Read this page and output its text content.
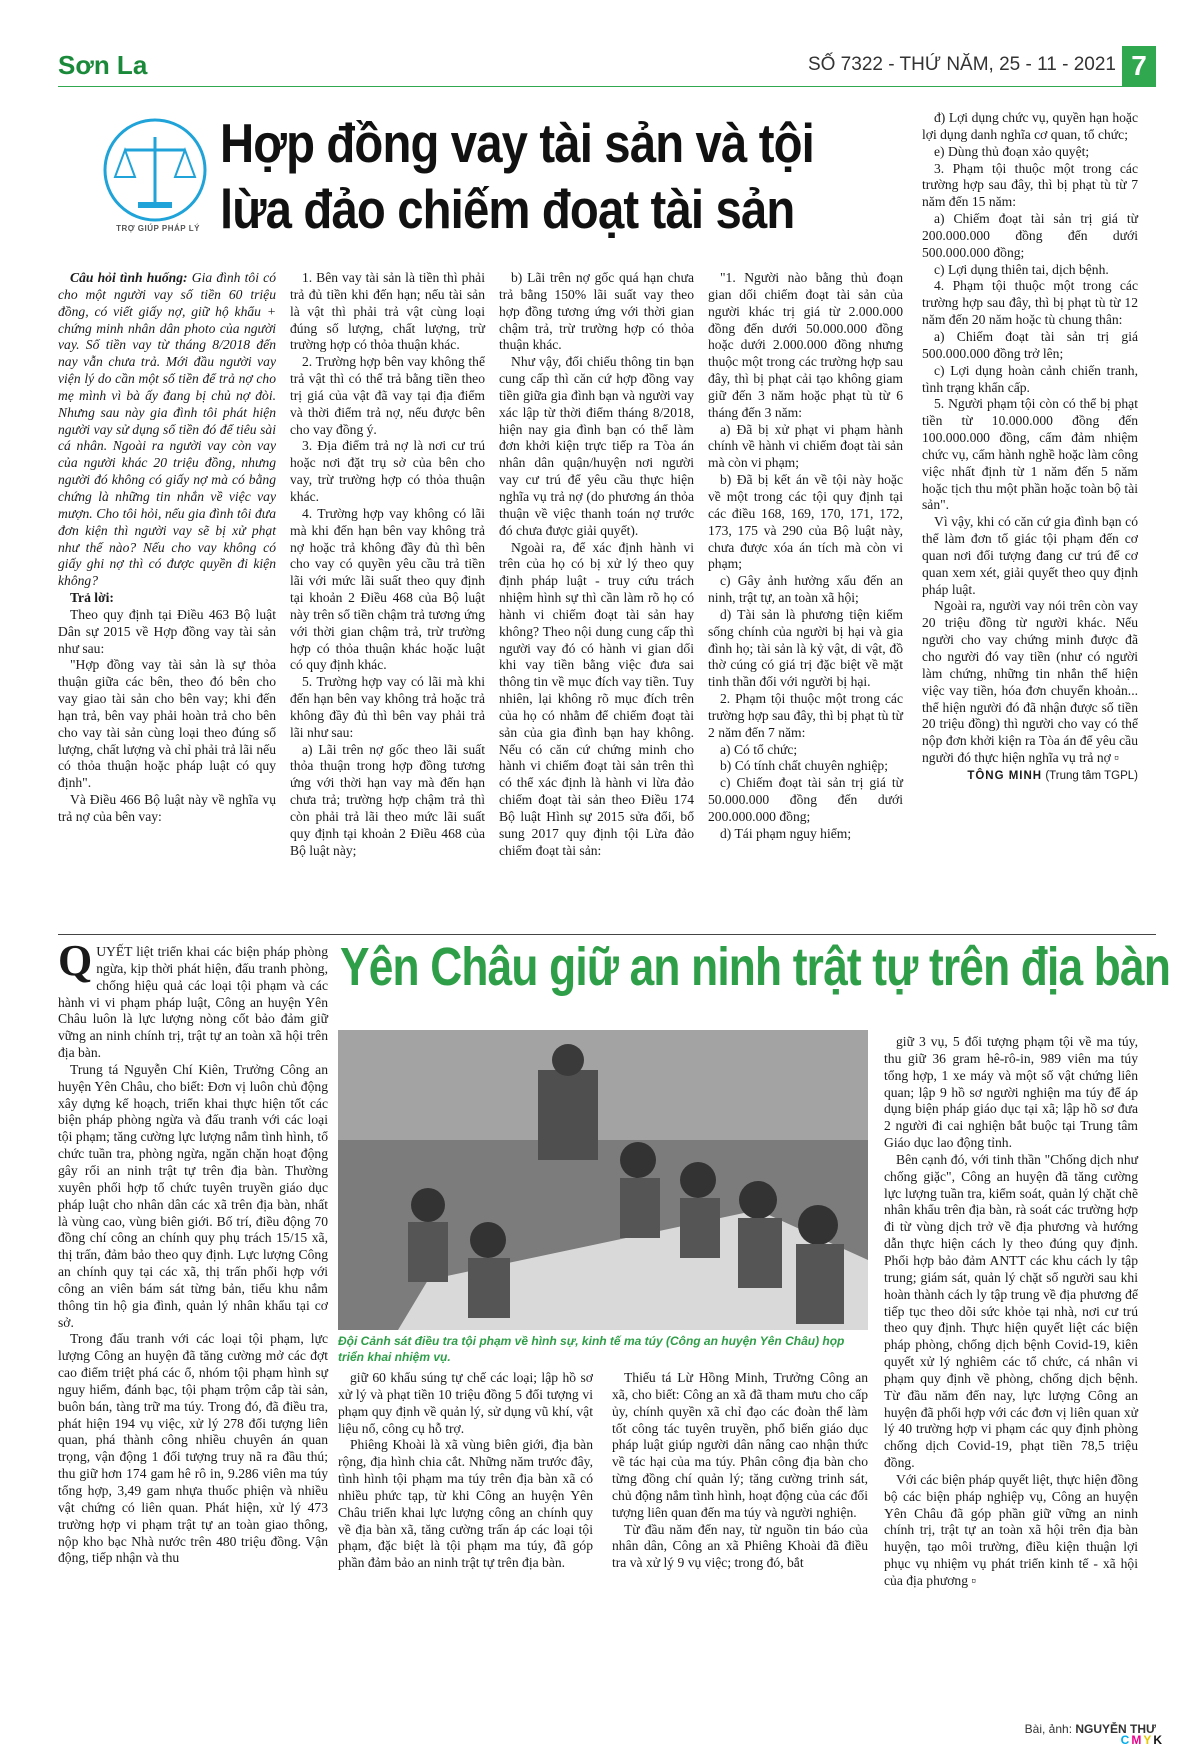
Sơn La	SỐ 7322 - THỨ NĂM, 25 - 11 - 2021 7
TRỢ GIÚP PHÁP LÝ
Hợp đồng vay tài sản và tội lừa đảo chiếm đoạt tài sản

Câu hỏi tình huống: Gia đình tôi có cho một người vay số tiền 60 triệu đồng, có viết giấy nợ, giữ hộ khẩu + chứng minh nhân dân photo của người vay. Số tiền vay từ tháng 8/2018 đến nay vẫn chưa trả. Mới đầu người vay viện lý do cần một số tiền để trả nợ cho mẹ mình vì bà ấy đang bị chủ nợ đòi. Nhưng sau này gia đình tôi phát hiện người vay sử dụng số tiền đó để tiêu sài cá nhân. Ngoài ra người vay còn vay của người khác 20 triệu đồng, nhưng người đó không có giấy nợ mà có bằng chứng là những tin nhắn về việc vay mượn. Cho tôi hỏi, nếu gia đình tôi đưa đơn kiện thì người vay sẽ bị xử phạt như thế nào? Nếu cho vay không có giấy ghi nợ thì có được quyền đi kiện không?

Trả lời:

Theo quy định tại Điều 463 Bộ luật Dân sự 2015 về Hợp đồng vay tài sản như sau:

"Hợp đồng vay tài sản là sự thỏa thuận giữa các bên, theo đó bên cho vay giao tài sản cho bên vay; khi đến hạn trả, bên vay phải hoàn trả cho bên cho vay tài sản cùng loại theo đúng số lượng, chất lượng và chỉ phải trả lãi nếu có thỏa thuận hoặc pháp luật có quy định".

Và Điều 466 Bộ luật này về nghĩa vụ trả nợ của bên vay:

1. Bên vay tài sản là tiền thì phải trả đủ tiền khi đến hạn; nếu tài sản là vật thì phải trả vật cùng loại đúng số lượng, chất lượng, trừ trường hợp có thỏa thuận khác.

2. Trường hợp bên vay không thể trả vật thì có thể trả bằng tiền theo trị giá của vật đã vay tại địa điểm và thời điểm trả nợ, nếu được bên cho vay đồng ý.

3. Địa điểm trả nợ là nơi cư trú hoặc nơi đặt trụ sở của bên cho vay, trừ trường hợp có thỏa thuận khác.

4. Trường hợp vay không có lãi mà khi đến hạn bên vay không trả nợ hoặc trả không đầy đủ thì bên cho vay có quyền yêu cầu trả tiền lãi với mức lãi suất theo quy định tại khoản 2 Điều 468 của Bộ luật này trên số tiền chậm trả tương ứng với thời gian chậm trả, trừ trường hợp có thỏa thuận khác hoặc luật có quy định khác.

5. Trường hợp vay có lãi mà khi đến hạn bên vay không trả hoặc trả không đầy đủ thì bên vay phải trả lãi như sau:

a) Lãi trên nợ gốc theo lãi suất thỏa thuận trong hợp đồng tương ứng với thời hạn vay mà đến hạn chưa trả; trường hợp chậm trả thì còn phải trả lãi theo mức lãi suất quy định tại khoản 2 Điều 468 của Bộ luật này;

b) Lãi trên nợ gốc quá hạn chưa trả bằng 150% lãi suất vay theo hợp đồng tương ứng với thời gian chậm trả, trừ trường hợp có thỏa thuận khác.

Như vậy, đối chiếu thông tin bạn cung cấp thì căn cứ hợp đồng vay tiền giữa gia đình bạn và người vay xác lập từ thời điểm tháng 8/2018, hiện nay gia đình bạn có thể làm đơn khởi kiện trực tiếp ra Tòa án nhân dân quận/huyện nơi người vay cư trú để yêu cầu thực hiện nghĩa vụ trả nợ (do phương án thỏa thuận về việc thanh toán nợ trước đó chưa được giải quyết).

Ngoài ra, để xác định hành vi trên của họ có bị xử lý theo quy định pháp luật - truy cứu trách nhiệm hình sự thì cần làm rõ họ có hành vi chiếm đoạt tài sản hay không? Theo nội dung cung cấp thì người vay đó có hành vi gian dối khi vay tiền bằng việc đưa sai thông tin về mục đích vay tiền. Tuy nhiên, lại không rõ mục đích trên của họ có nhằm để chiếm đoạt tài sản của gia đình bạn hay không. Nếu có căn cứ chứng minh cho hành vi chiếm đoạt tài sản trên thì có thể xác định là hành vi lừa đảo chiếm đoạt tài sản theo Điều 174 Bộ luật Hình sự 2015 sửa đổi, bổ sung 2017 quy định tội Lừa đảo chiếm đoạt tài sản:

"1. Người nào bằng thủ đoạn gian dối chiếm đoạt tài sản của người khác trị giá từ 2.000.000 đồng đến dưới 50.000.000 đồng hoặc dưới 2.000.000 đồng nhưng thuộc một trong các trường hợp sau đây, thì bị phạt cải tạo không giam giữ đến 3 năm hoặc phạt tù từ 6 tháng đến 3 năm:

a) Đã bị xử phạt vi phạm hành chính về hành vi chiếm đoạt tài sản mà còn vi phạm;

b) Đã bị kết án về tội này hoặc về một trong các tội quy định tại các điều 168, 169, 170, 171, 172, 173, 175 và 290 của Bộ luật này, chưa được xóa án tích mà còn vi phạm;

c) Gây ảnh hưởng xấu đến an ninh, trật tự, an toàn xã hội;

d) Tài sản là phương tiện kiếm sống chính của người bị hại và gia đình họ; tài sản là kỷ vật, di vật, đồ thờ cúng có giá trị đặc biệt về mặt tinh thần đối với người bị hại.

2. Phạm tội thuộc một trong các trường hợp sau đây, thì bị phạt tù từ 2 năm đến 7 năm:

a) Có tổ chức;

b) Có tính chất chuyên nghiệp;

c) Chiếm đoạt tài sản trị giá từ 50.000.000 đồng đến dưới 200.000.000 đồng;

d) Tái phạm nguy hiểm;

đ) Lợi dụng chức vụ, quyền hạn hoặc lợi dụng danh nghĩa cơ quan, tổ chức;

e) Dùng thủ đoạn xảo quyệt;

3. Phạm tội thuộc một trong các trường hợp sau đây, thì bị phạt tù từ 7 năm đến 15 năm:

a) Chiếm đoạt tài sản trị giá từ 200.000.000 đồng đến dưới 500.000.000 đồng;

c) Lợi dụng thiên tai, dịch bệnh.

4. Phạm tội thuộc một trong các trường hợp sau đây, thì bị phạt tù từ 12 năm đến 20 năm hoặc tù chung thân:

a) Chiếm đoạt tài sản trị giá 500.000.000 đồng trở lên;

c) Lợi dụng hoàn cảnh chiến tranh, tình trạng khẩn cấp.

5. Người phạm tội còn có thể bị phạt tiền từ 10.000.000 đồng đến 100.000.000 đồng, cấm đảm nhiệm chức vụ, cấm hành nghề hoặc làm công việc nhất định từ 1 năm đến 5 năm hoặc tịch thu một phần hoặc toàn bộ tài sản".

Vì vậy, khi có căn cứ gia đình bạn có thể làm đơn tố giác tội phạm đến cơ quan nơi đối tượng đang cư trú để cơ quan xem xét, giải quyết theo quy định pháp luật.

Ngoài ra, người vay nói trên còn vay 20 triệu đồng từ người khác. Nếu người cho vay chứng minh được đã cho người đó vay tiền (như có người làm chứng, những tin nhắn thể hiện việc vay tiền, hóa đơn chuyển khoản... thể hiện người đó đã nhận được số tiền 20 triệu đồng) thì người cho vay có thể nộp đơn khởi kiện ra Tòa án để yêu cầu người đó thực hiện nghĩa vụ trả nợ ▫

TÔNG MINH (Trung tâm TGPL)
Yên Châu giữ an ninh trật tự trên địa bàn

QUYẾT liệt triển khai các biện pháp phòng ngừa, kịp thời phát hiện, đấu tranh phòng, chống hiệu quả các loại tội phạm và các hành vi vi phạm pháp luật, Công an huyện Yên Châu luôn là lực lượng nòng cốt bảo đảm giữ vững an ninh chính trị, trật tự an toàn xã hội trên địa bàn.

Trung tá Nguyễn Chí Kiên, Trưởng Công an huyện Yên Châu, cho biết: Đơn vị luôn chủ động xây dựng kế hoạch, triển khai thực hiện tốt các biện pháp phòng ngừa và đấu tranh với các loại tội phạm; tăng cường lực lượng nắm tình hình, tổ chức tuần tra, phòng ngừa, ngăn chặn hoạt động gây rối an ninh trật tự trên địa bàn. Thường xuyên phối hợp tổ chức tuyên truyền giáo dục pháp luật cho nhân dân các xã trên địa bàn, nhất là vùng cao, vùng biên giới. Bố trí, điều động 70 đồng chí công an chính quy phụ trách 15/15 xã, thị trấn, đảm bảo theo quy định. Lực lượng Công an chính quy tại các xã, thị trấn phối hợp với công an viên bám sát từng bản, tiểu khu nắm thông tin hộ gia đình, quản lý nhân khẩu tại cơ sở.

Trong đấu tranh với các loại tội phạm, lực lượng Công an huyện đã tăng cường mở các đợt cao điểm triệt phá các ổ, nhóm tội phạm hình sự nguy hiểm, đánh bạc, tội phạm trộm cắp tài sản, buôn bán, tàng trữ ma túy. Trong đó, đã điều tra, phát hiện 194 vụ việc, xử lý 278 đối tượng liên quan, phá thành công nhiều chuyên án quan trọng, vận động 1 đối tượng truy nã ra đầu thú; thu giữ hơn 174 gam hê rô in, 9.286 viên ma túy tổng hợp, 3,49 gam nhựa thuốc phiện và nhiều vật chứng có liên quan. Phát hiện, xử lý 473 trường hợp vi phạm trật tự an toàn giao thông, nộp kho bạc Nhà nước trên 480 triệu đồng. Vận động, tiếp nhận và thu

Đội Cảnh sát điều tra tội phạm về hình sự, kinh tế ma túy (Công an huyện Yên Châu) họp triển khai nhiệm vụ.

giữ 60 khẩu súng tự chế các loại; lập hồ sơ xử lý và phạt tiền 10 triệu đồng 5 đối tượng vi phạm quy định về quản lý, sử dụng vũ khí, vật liệu nổ, công cụ hỗ trợ.

Phiêng Khoài là xã vùng biên giới, địa bàn rộng, địa hình chia cắt. Những năm trước đây, tình hình tội phạm ma túy trên địa bàn xã có nhiều phức tạp, từ khi Công an huyện Yên Châu triển khai lực lượng công an chính quy về địa bàn xã, tăng cường trấn áp các loại tội phạm, đặc biệt là tội phạm ma túy, đã góp phần đảm bảo an ninh trật tự trên địa bàn.

Thiếu tá Lừ Hồng Minh, Trưởng Công an xã, cho biết: Công an xã đã tham mưu cho cấp ủy, chính quyền xã chỉ đạo các đoàn thể làm tốt công tác tuyên truyền, phổ biến giáo dục pháp luật giúp người dân nâng cao nhận thức về tác hại của ma túy. Phân công địa bàn cho từng đồng chí quản lý; tăng cường trinh sát, chủ động nắm tình hình, hoạt động của các đối tượng liên quan đến ma túy và người nghiện.

Từ đầu năm đến nay, từ nguồn tin báo của nhân dân, Công an xã Phiêng Khoài đã điều tra và xử lý 9 vụ việc; trong đó, bắt

giữ 3 vụ, 5 đối tượng phạm tội về ma túy, thu giữ 36 gram hê-rô-in, 989 viên ma túy tổng hợp, 1 xe máy và một số vật chứng liên quan; lập 9 hồ sơ người nghiện ma túy để áp dụng biện pháp giáo dục tại xã; lập hồ sơ đưa 2 người đi cai nghiện bắt buộc tại Trung tâm Giáo dục lao động tỉnh.

Bên cạnh đó, với tinh thần "Chống dịch như chống giặc", Công an huyện đã tăng cường lực lượng tuần tra, kiểm soát, quản lý chặt chẽ nhân khẩu trên địa bàn, rà soát các trường hợp đi từ vùng dịch trở về địa phương và hướng dẫn thực hiện cách ly theo đúng quy định. Phối hợp bảo đảm ANTT các khu cách ly tập trung; giám sát, quản lý chặt số người sau khi hoàn thành cách ly tập trung về địa phương để tiếp tục theo dõi sức khỏe tại nhà, nơi cư trú theo quy định. Thực hiện quyết liệt các biện pháp phòng, chống dịch bệnh Covid-19, kiên quyết xử lý nghiêm các tổ chức, cá nhân vi phạm quy định về phòng, chống dịch bệnh. Từ đầu năm đến nay, lực lượng Công an huyện đã phối hợp với các đơn vị liên quan xử lý 40 trường hợp vi phạm các quy định phòng chống dịch Covid-19, phạt tiền 78,5 triệu đồng.

Với các biện pháp quyết liệt, thực hiện đồng bộ các biện pháp nghiệp vụ, Công an huyện Yên Châu đã góp phần giữ vững an ninh chính trị, trật tự an toàn xã hội trên địa bàn huyện, tạo môi trường, điều kiện thuận lợi phục vụ nhiệm vụ phát triển kinh tế - xã hội của địa phương ▫

Bài, ảnh: NGUYỄN THƯ
CMYK
